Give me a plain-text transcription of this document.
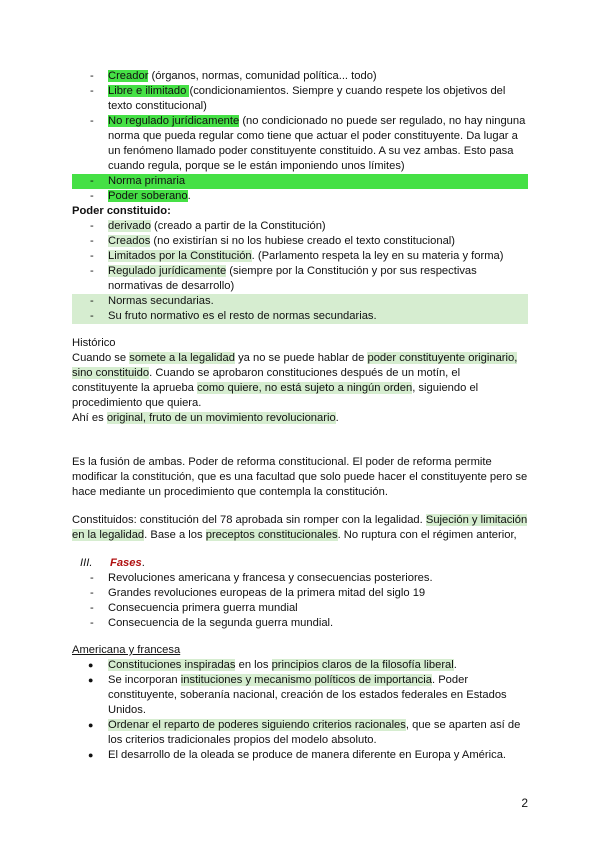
- Creador (órganos, normas, comunidad política... todo)
- Libre e ilimitado (condicionamientos. Siempre y cuando respete los objetivos del texto constitucional)
- No regulado jurídicamente (no condicionado no puede ser regulado, no hay ninguna norma que pueda regular como tiene que actuar el poder constituyente. Da lugar a un fenómeno llamado poder constituyente constituido. A su vez ambas. Esto pasa cuando regula, porque se le están imponiendo unos límites)
- Norma primaria
- Poder soberano.
Poder constituido:
- derivado (creado a partir de la Constitución)
- Creados (no existirían si no los hubiese creado el texto constitucional)
- Limitados por la Constitución. (Parlamento respeta la ley en su materia y forma)
- Regulado jurídicamente (siempre por la Constitución y por sus respectivas normativas de desarrollo)
- Normas secundarias.
- Su fruto normativo es el resto de normas secundarias.

Histórico

Cuando se somete a la legalidad ya no se puede hablar de poder constituyente originario, sino constituido. Cuando se aprobaron constituciones después de un motín, el constituyente la aprueba como quiere, no está sujeto a ningún orden, siguiendo el procedimiento que quiera.

Ahí es original, fruto de un movimiento revolucionario.

Es la fusión de ambas. Poder de reforma constitucional. El poder de reforma permite modificar la constitución, que es una facultad que solo puede hacer el constituyente pero se hace mediante un procedimiento que contempla la constitución.
Constituidos: constitución del 78 aprobada sin romper con la legalidad. Sujeción y limitación en la legalidad. Base a los preceptos constitucionales. No ruptura con el régimen anterior,
III. Fases.
- Revoluciones americana y francesa y consecuencias posteriores.
- Grandes revoluciones europeas de la primera mitad del siglo 19
- Consecuencia primera guerra mundial
- Consecuencia de la segunda guerra mundial.
Americana y francesa
● Constituciones inspiradas en los principios claros de la filosofía liberal.
● Se incorporan instituciones y mecanismo políticos de importancia. Poder constituyente, soberanía nacional, creación de los estados federales en Estados Unidos.
● Ordenar el reparto de poderes siguiendo criterios racionales, que se aparten así de los criterios tradicionales propios del modelo absoluto.
● El desarrollo de la oleada se produce de manera diferente en Europa y América.
2
